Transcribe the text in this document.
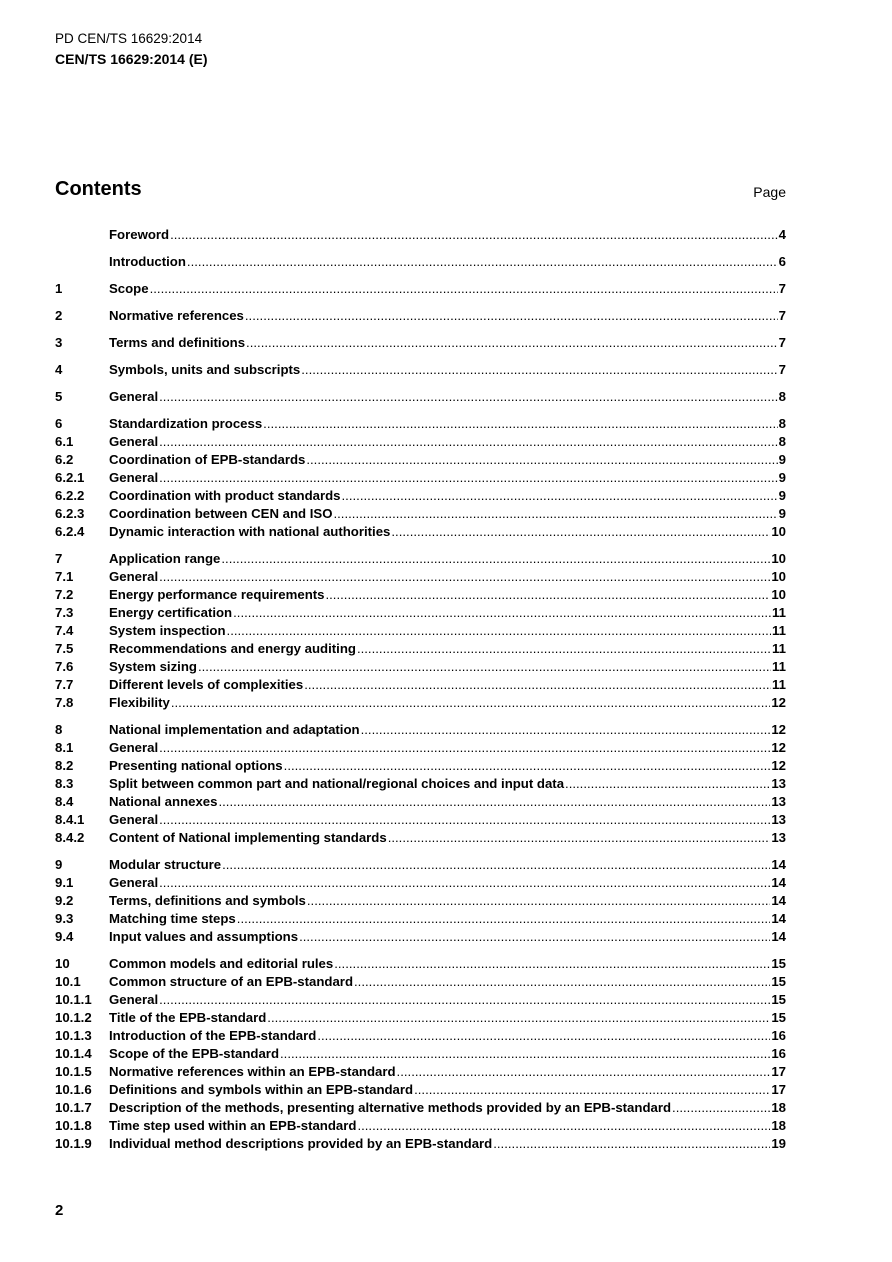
PD CEN/TS 16629:2014
CEN/TS 16629:2014 (E)
Contents	Page
Foreword .....	4
Introduction .....	6
1	Scope .....	7
2	Normative references .....	7
3	Terms and definitions .....	7
4	Symbols, units and subscripts .....	7
5	General .....	8
6	Standardization process .....	8
6.1	General .....	8
6.2	Coordination of EPB-standards .....	9
6.2.1	General .....	9
6.2.2	Coordination with product standards .....	9
6.2.3	Coordination between CEN and ISO .....	9
6.2.4	Dynamic interaction with national authorities .....	10
7	Application range .....	10
7.1	General .....	10
7.2	Energy performance requirements .....	10
7.3	Energy certification .....	11
7.4	System inspection .....	11
7.5	Recommendations and energy auditing .....	11
7.6	System sizing .....	11
7.7	Different levels of complexities .....	11
7.8	Flexibility .....	12
8	National implementation and adaptation .....	12
8.1	General .....	12
8.2	Presenting national options .....	12
8.3	Split between common part and national/regional choices and input data .....	13
8.4	National annexes .....	13
8.4.1	General .....	13
8.4.2	Content of National implementing standards .....	13
9	Modular structure .....	14
9.1	General .....	14
9.2	Terms, definitions and symbols .....	14
9.3	Matching time steps .....	14
9.4	Input values and assumptions .....	14
10	Common models and editorial rules .....	15
10.1	Common structure of an EPB-standard .....	15
10.1.1	General .....	15
10.1.2	Title of the EPB-standard .....	15
10.1.3	Introduction of the EPB-standard .....	16
10.1.4	Scope of the EPB-standard .....	16
10.1.5	Normative references within an EPB-standard .....	17
10.1.6	Definitions and symbols within an EPB-standard .....	17
10.1.7	Description of the methods, presenting alternative methods provided by an EPB-standard .....	18
10.1.8	Time step used within an EPB-standard .....	18
10.1.9	Individual method descriptions provided by an EPB-standard .....	19
2
